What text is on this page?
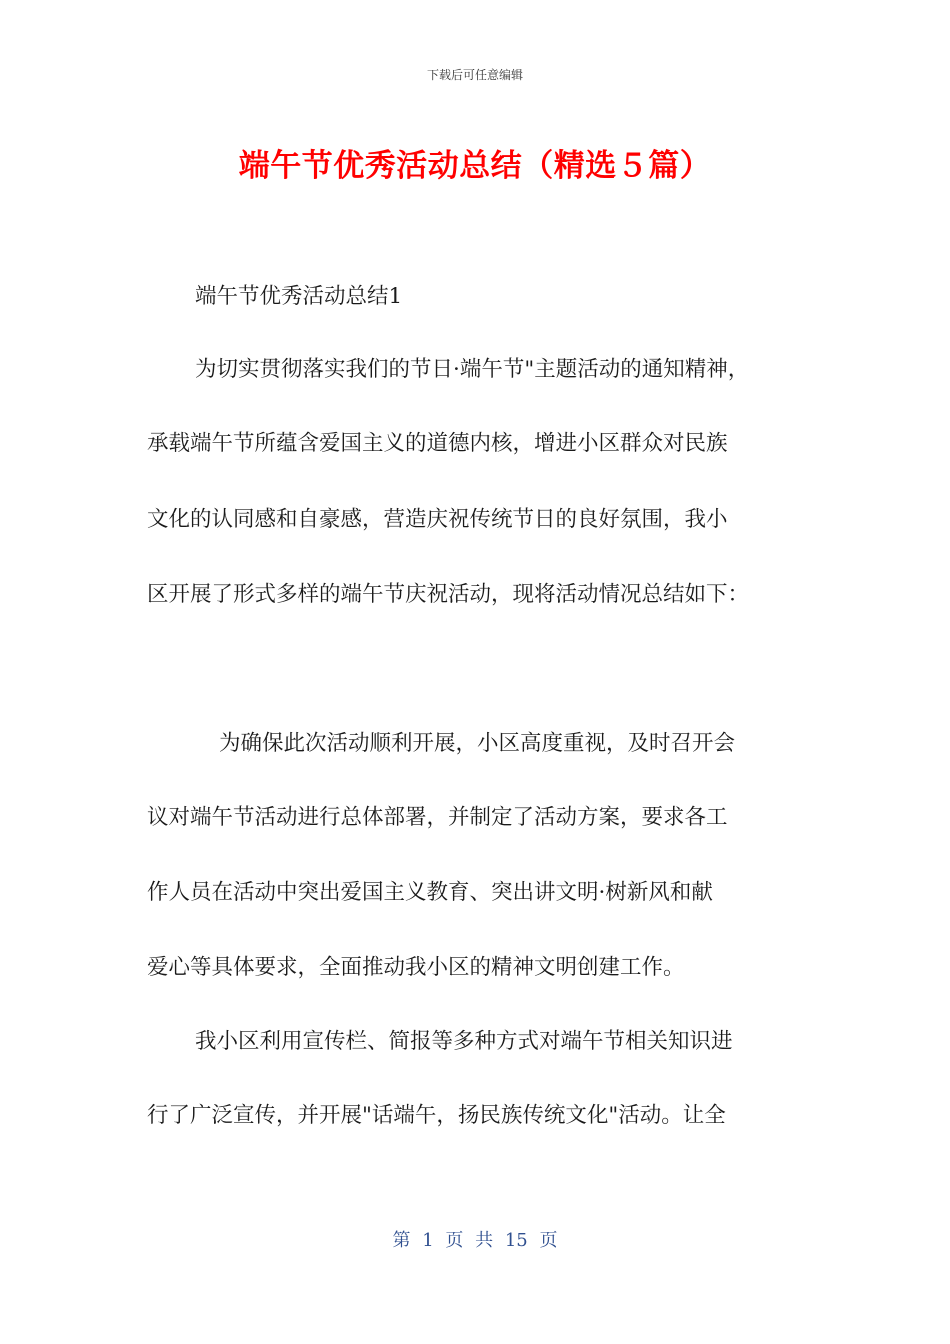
下载后可任意编辑
端午节优秀活动总结（精选５篇）
端午节优秀活动总结1
为切实贯彻落实我们的节日·端午节"主题活动的通知精神，
承载端午节所蕴含爱国主义的道德内核，增进小区群众对民族
文化的认同感和自豪感，营造庆祝传统节日的良好氛围，我小
区开展了形式多样的端午节庆祝活动，现将活动情况总结如下：
为确保此次活动顺利开展，小区高度重视，及时召开会
议对端午节活动进行总体部署，并制定了活动方案，要求各工
作人员在活动中突出爱国主义教育、突出讲文明·树新风和献
爱心等具体要求，全面推动我小区的精神文明创建工作。
我小区利用宣传栏、简报等多种方式对端午节相关知识进
行了广泛宣传，并开展"话端午，扬民族传统文化"活动。让全
第 1 页 共 15 页
